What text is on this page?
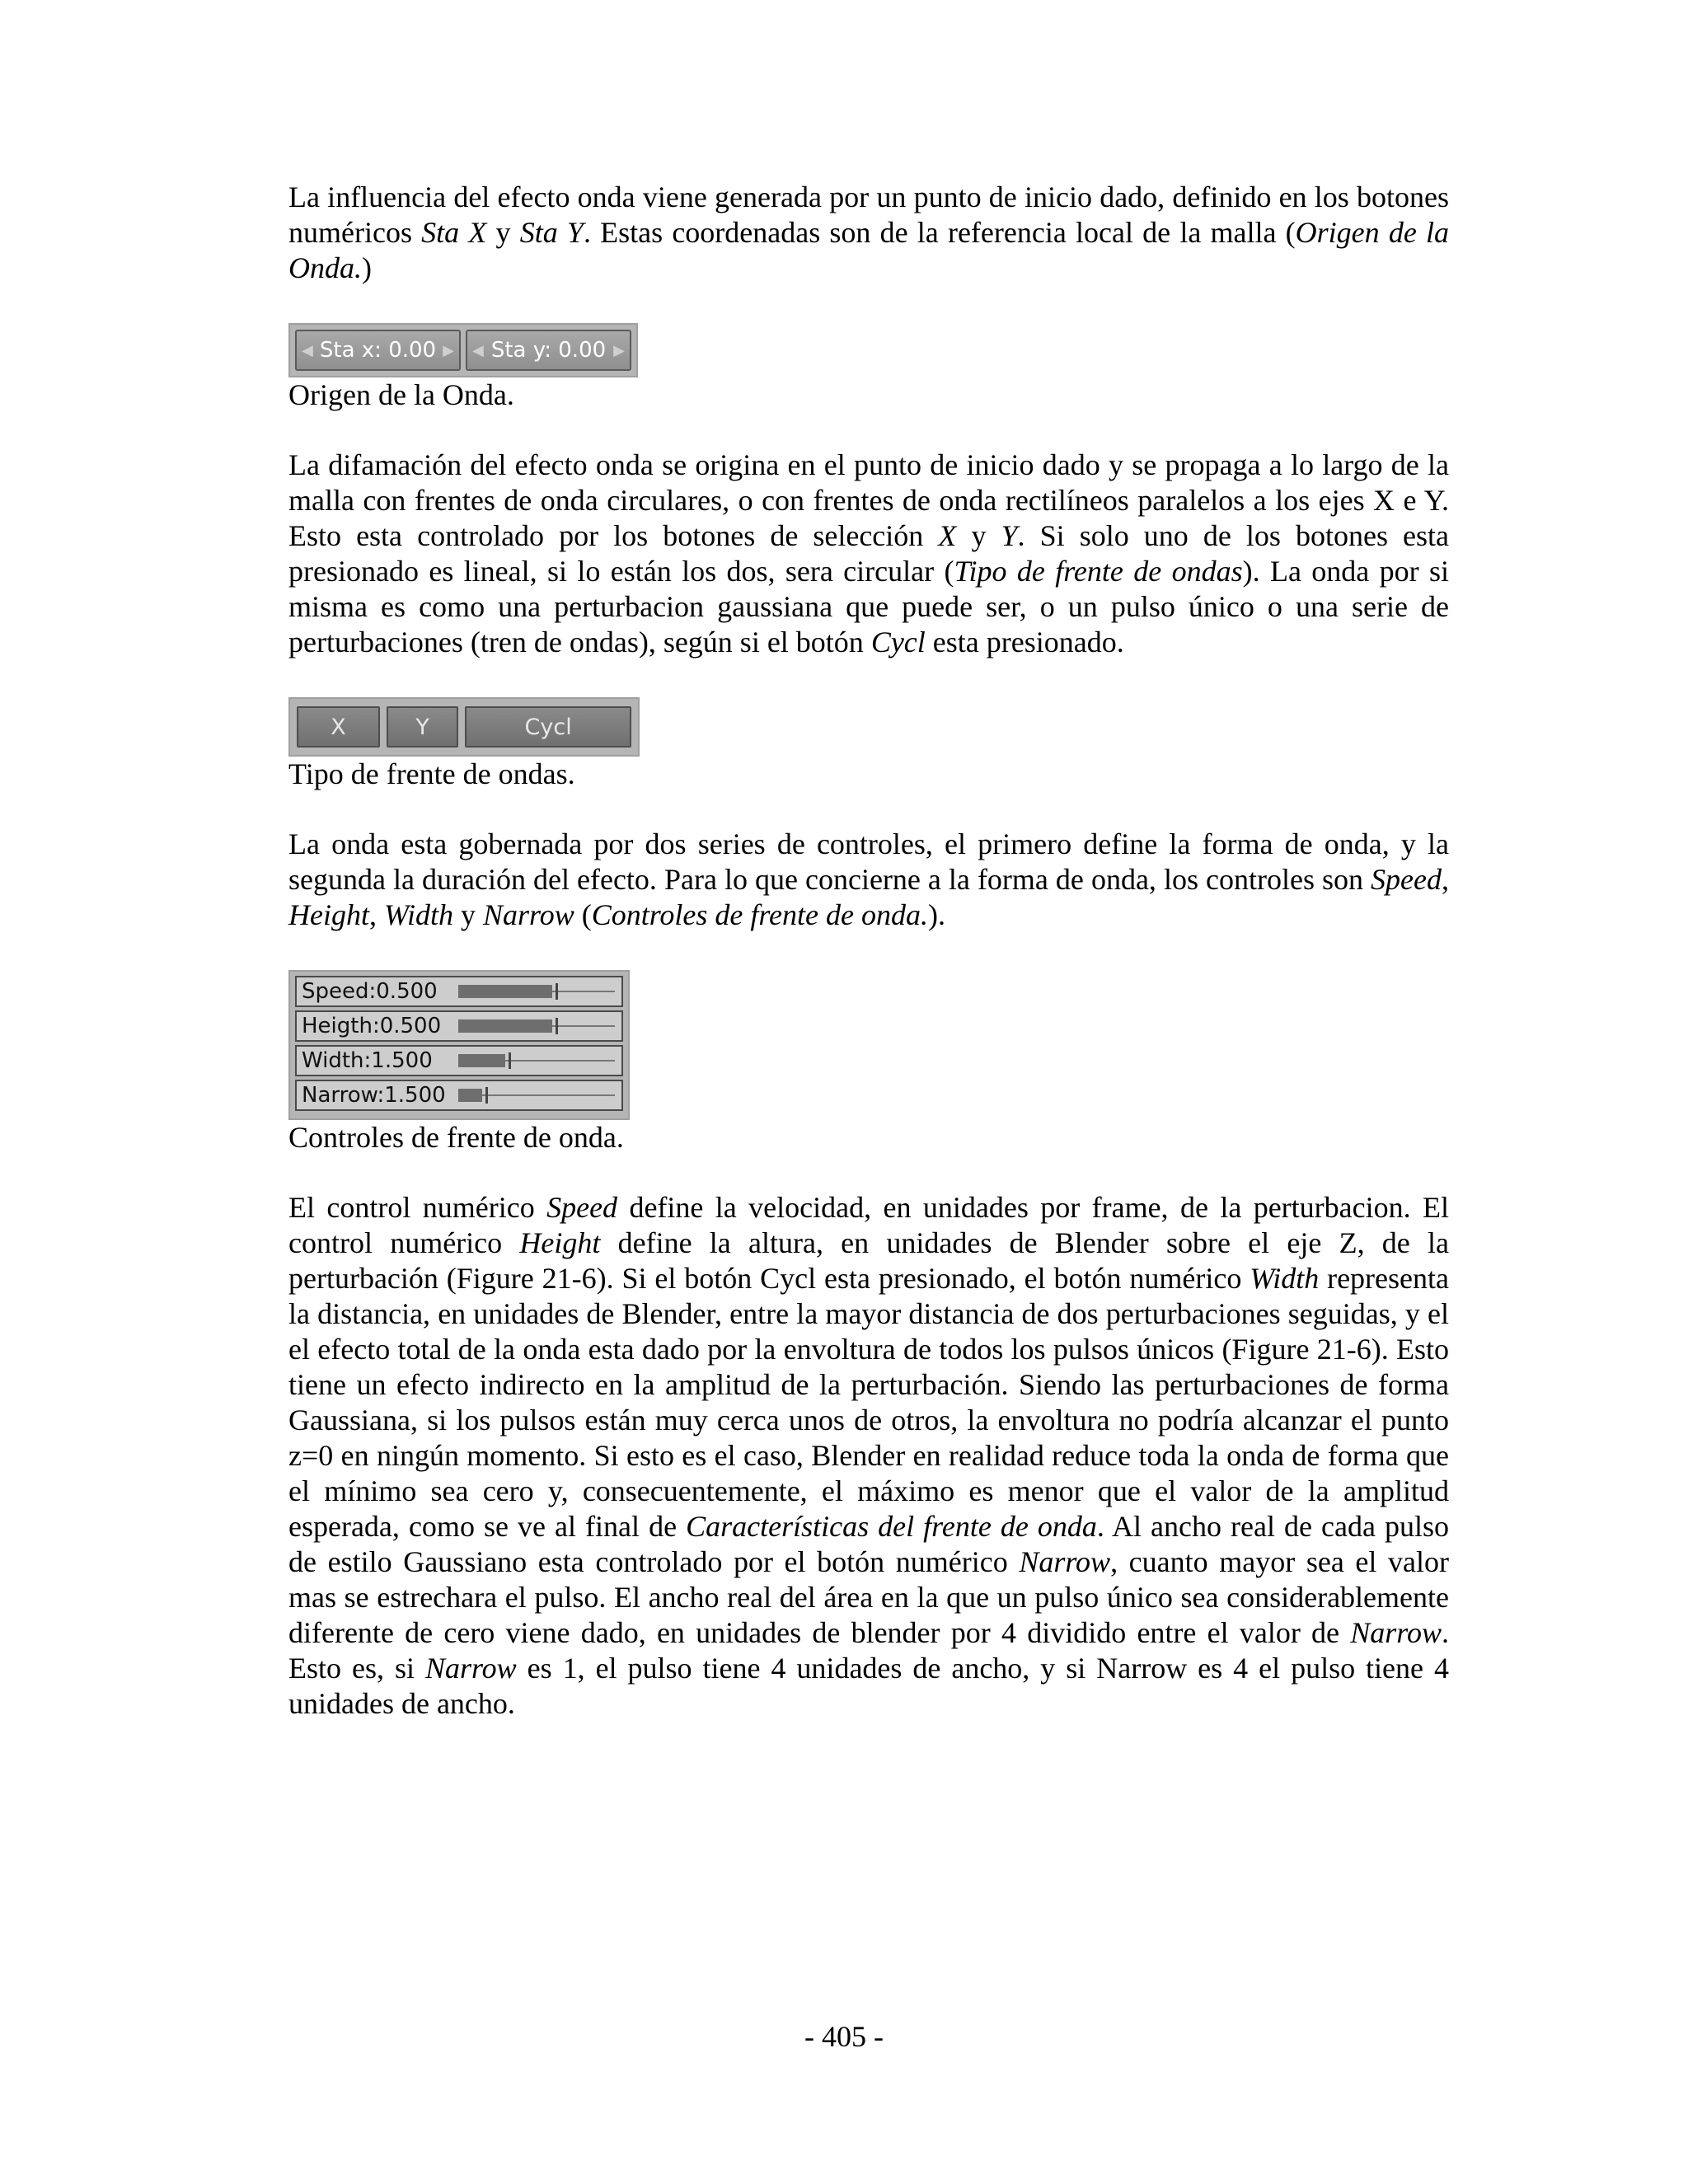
La influencia del efecto onda viene generada por un punto de inicio dado, definido en los botones numéricos Sta X y Sta Y. Estas coordenadas son de la referencia local de la malla (Origen de la Onda.)

◀ Sta x: 0.00 ▶ ◀ Sta y: 0.00 ▶

Origen de la Onda.

La difamación del efecto onda se origina en el punto de inicio dado y se propaga a lo largo de la malla con frentes de onda circulares, o con frentes de onda rectilíneos paralelos a los ejes X e Y. Esto esta controlado por los botones de selección X y Y. Si solo uno de los botones esta presionado es lineal, si lo están los dos, sera circular (Tipo de frente de ondas). La onda por si misma es como una perturbacion gaussiana que puede ser, o un pulso único o una serie de perturbaciones (tren de ondas), según si el botón Cycl esta presionado.

X	Y	Cycl

Tipo de frente de ondas.

La onda esta gobernada por dos series de controles, el primero define la forma de onda, y la segunda la duración del efecto. Para lo que concierne a la forma de onda, los controles son Speed, Height, Width y Narrow (Controles de frente de onda.).

Speed:0.500
Heigth:0.500
Width:1.500
Narrow:1.500

Controles de frente de onda.

El control numérico Speed define la velocidad, en unidades por frame, de la perturbacion. El control numérico Height define la altura, en unidades de Blender sobre el eje Z, de la perturbación (Figure 21-6). Si el botón Cycl esta presionado, el botón numérico Width representa la distancia, en unidades de Blender, entre la mayor distancia de dos perturbaciones seguidas, y el el efecto total de la onda esta dado por la envoltura de todos los pulsos únicos (Figure 21-6). Esto tiene un efecto indirecto en la amplitud de la perturbación. Siendo las perturbaciones de forma Gaussiana, si los pulsos están muy cerca unos de otros, la envoltura no podría alcanzar el punto z=0 en ningún momento. Si esto es el caso, Blender en realidad reduce toda la onda de forma que el mínimo sea cero y, consecuentemente, el máximo es menor que el valor de la amplitud esperada, como se ve al final de Características del frente de onda. Al ancho real de cada pulso de estilo Gaussiano esta controlado por el botón numérico Narrow, cuanto mayor sea el valor mas se estrechara el pulso. El ancho real del área en la que un pulso único sea considerablemente diferente de cero viene dado, en unidades de blender por 4 dividido entre el valor de Narrow. Esto es, si Narrow es 1, el pulso tiene 4 unidades de ancho, y si Narrow es 4 el pulso tiene 4 unidades de ancho.

- 405 -
